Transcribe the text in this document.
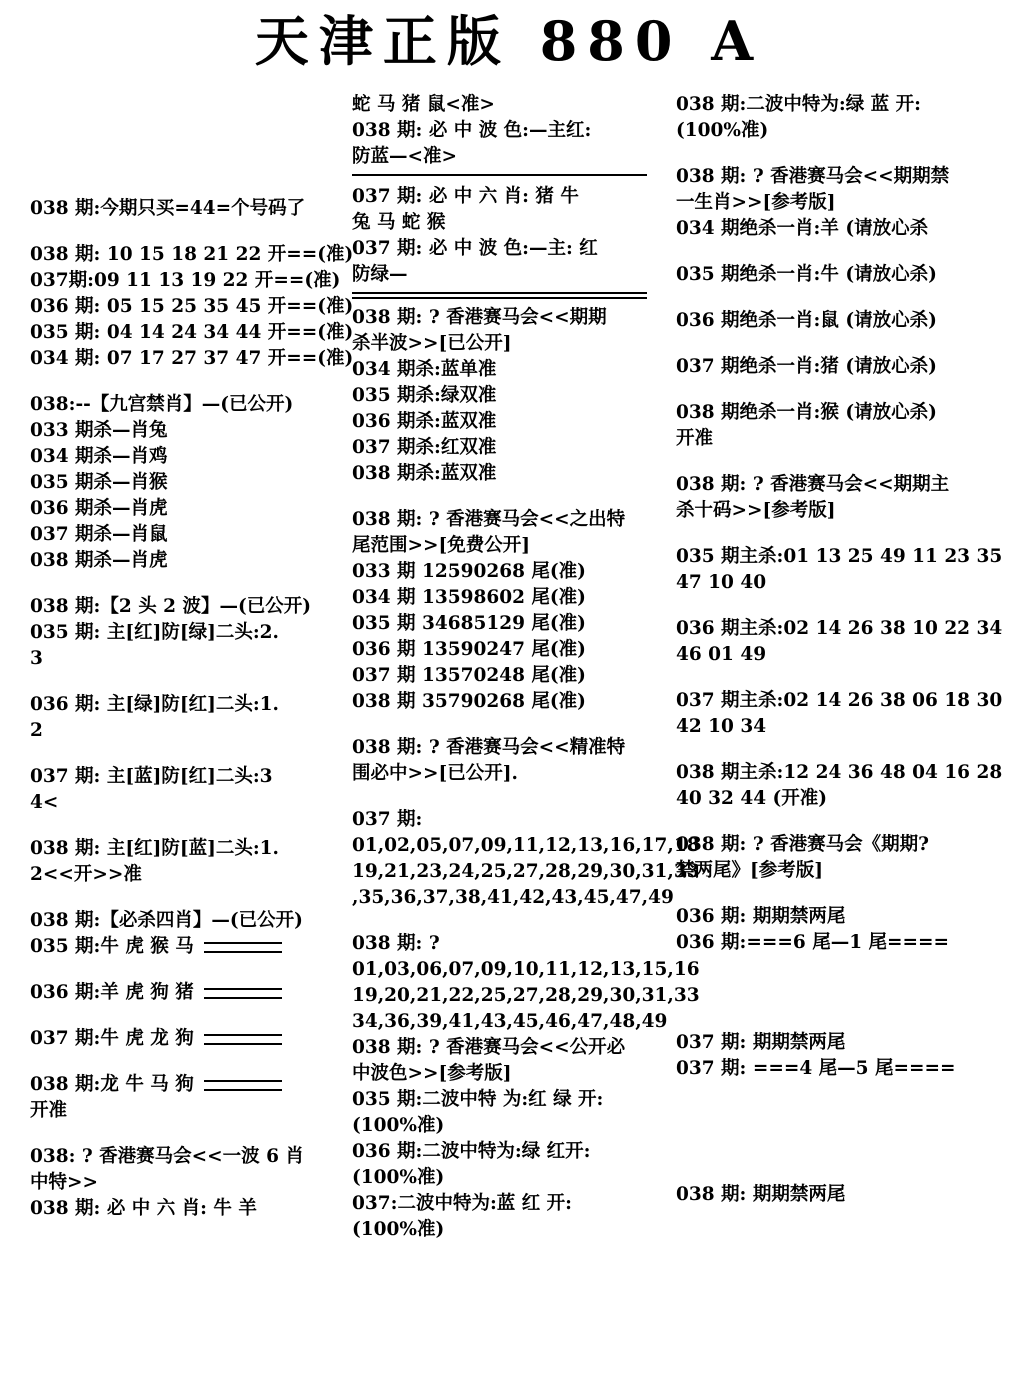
天津正版 880 A
038 期:今期只买=44=个号码了
038 期: 10 15 18 21 22 开==(准)
037期:09 11 13 19 22 开==(准)
036 期: 05 15 25 35 45 开==(准)
035 期: 04 14 24 34 44 开==(准)
034 期: 07 17 27 37 47 开==(准)
038:--【九宫禁肖】—(已公开)
033 期杀—肖兔
034 期杀—肖鸡
035 期杀—肖猴
036 期杀—肖虎
037 期杀—肖鼠
038 期杀—肖虎
038 期:【2 头 2 波】—(已公开)
035 期: 主[红]防[绿]二头:2.
3
036 期: 主[绿]防[红]二头:1.
2
037 期: 主[蓝]防[红]二头:3
4<
038 期: 主[红]防[蓝]二头:1.
2<<开>>准
038 期:【必杀四肖】—(已公开)
035 期:牛 虎 猴 马
036 期:羊 虎 狗 猪
037 期:牛 虎 龙 狗
038 期:龙 牛 马 狗
开准
038: ? 香港赛马会<<一波 6 肖
中特>>
038 期: 必 中 六 肖: 牛 羊
蛇 马 猪 鼠<准>
038 期: 必 中 波 色:—主红:
防蓝—<准>
037 期: 必 中 六 肖: 猪 牛
兔 马 蛇 猴
037 期: 必 中 波 色:—主: 红
防绿—
038 期: ? 香港赛马会<<期期
杀半波>>[已公开]
034 期杀:蓝单准
035 期杀:绿双准
036 期杀:蓝双准
037 期杀:红双准
038 期杀:蓝双准
038 期: ? 香港赛马会<<之出特
尾范围>>[免费公开]
033 期 12590268 尾(准)
034 期 13598602 尾(准)
035 期 34685129 尾(准)
036 期 13590247 尾(准)
037 期 13570248 尾(准)
038 期 35790268 尾(准)
038 期: ? 香港赛马会<<精准特
围必中>>[已公开].
037 期:
01,02,05,07,09,11,12,13,16,17,18
19,21,23,24,25,27,28,29,30,31,33
,35,36,37,38,41,42,43,45,47,49
038 期: ?
01,03,06,07,09,10,11,12,13,15,16
19,20,21,22,25,27,28,29,30,31,33
34,36,39,41,43,45,46,47,48,49
038 期: ? 香港赛马会<<公开必
中波色>>[参考版]
035 期:二波中特 为:红 绿 开:
(100%准)
036 期:二波中特为:绿 红开:
(100%准)
037:二波中特为:蓝 红 开:
(100%准)
038 期:二波中特为:绿 蓝 开:
(100%准)
038 期: ? 香港赛马会<<期期禁
一生肖>>[参考版]
034 期绝杀一肖:羊 (请放心杀
035 期绝杀一肖:牛 (请放心杀)
036 期绝杀一肖:鼠 (请放心杀)
037 期绝杀一肖:猪 (请放心杀)
038 期绝杀一肖:猴 (请放心杀)
开准
038 期: ? 香港赛马会<<期期主
杀十码>>[参考版]
035 期主杀:01 13 25 49 11 23 35
47 10 40
036 期主杀:02 14 26 38 10 22 34
46 01 49
037 期主杀:02 14 26 38 06 18 30
42 10 34
038 期主杀:12 24 36 48 04 16 28
40 32 44 (开准)
038 期: ? 香港赛马会《期期?
禁两尾》[参考版]
036 期: 期期禁两尾
036 期:===6 尾—1 尾====
037 期: 期期禁两尾
037 期: ===4 尾—5 尾====
038 期: 期期禁两尾
